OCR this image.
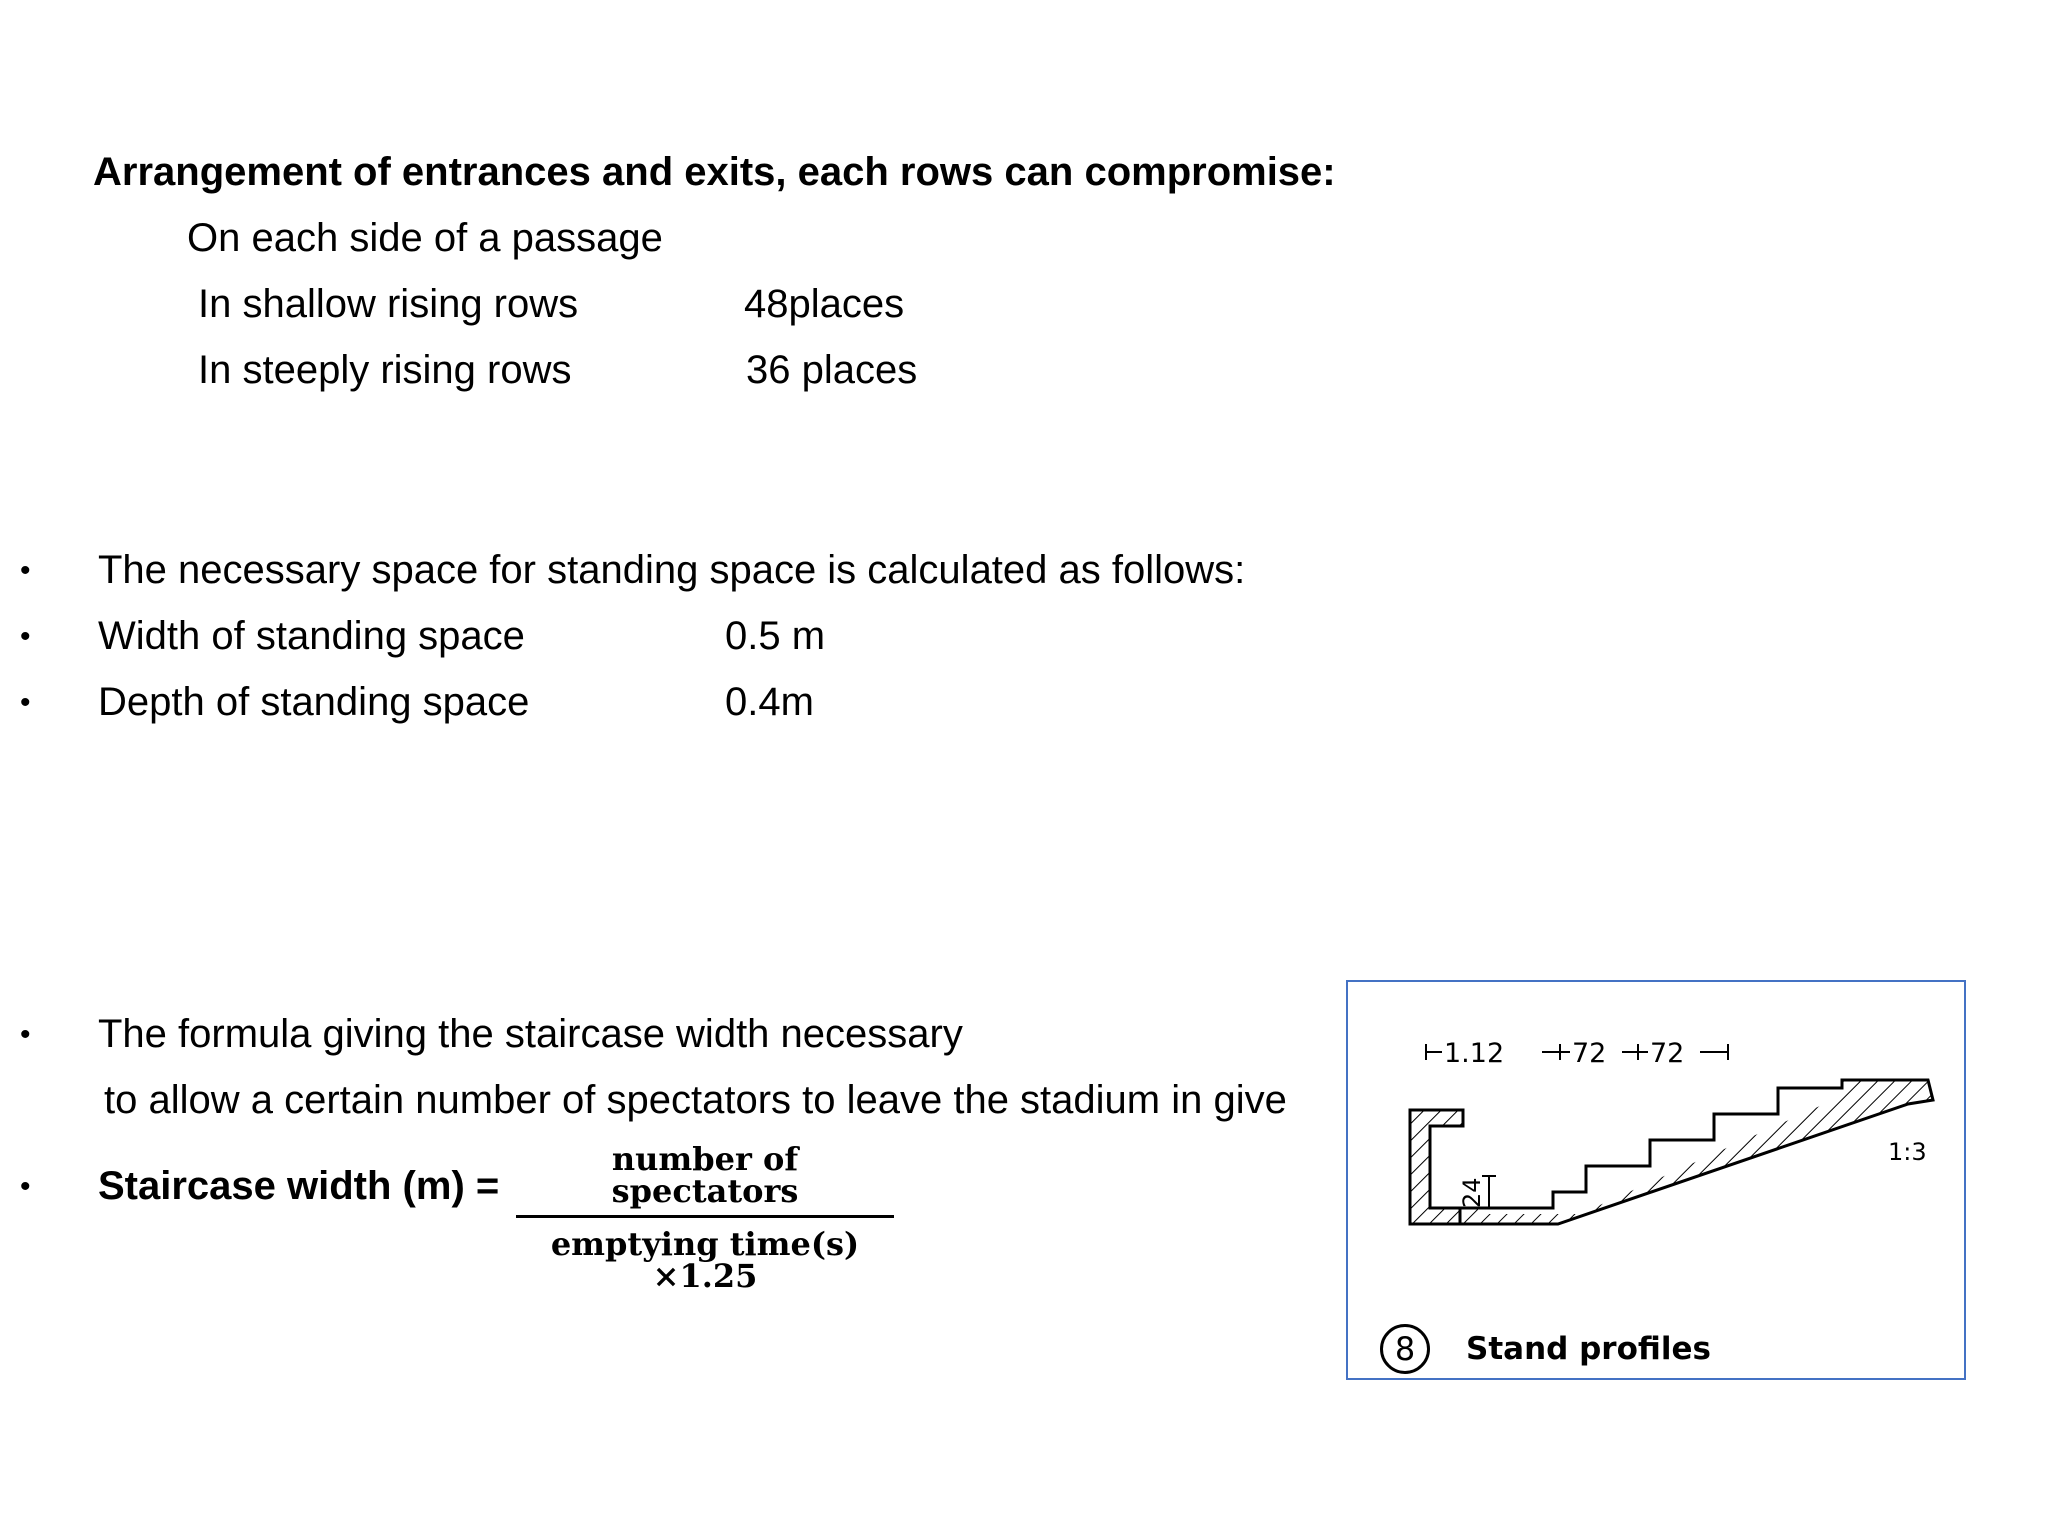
Arrangement of entrances and exits, each rows can compromise:
On each side of a passage
In shallow rising rows	48places
In steeply rising rows	36 places
• The necessary space for standing space is calculated as follows:
• Width of standing space	0.5 m
• Depth of standing space	0.4m
• The formula giving the staircase width necessary
to allow a certain number of spectators to leave the stadium in give
• Staircase width (m) =
number of spectators
emptying time(s) ×1.25
1.12	72 72
24
1:3
8	Stand profiles
